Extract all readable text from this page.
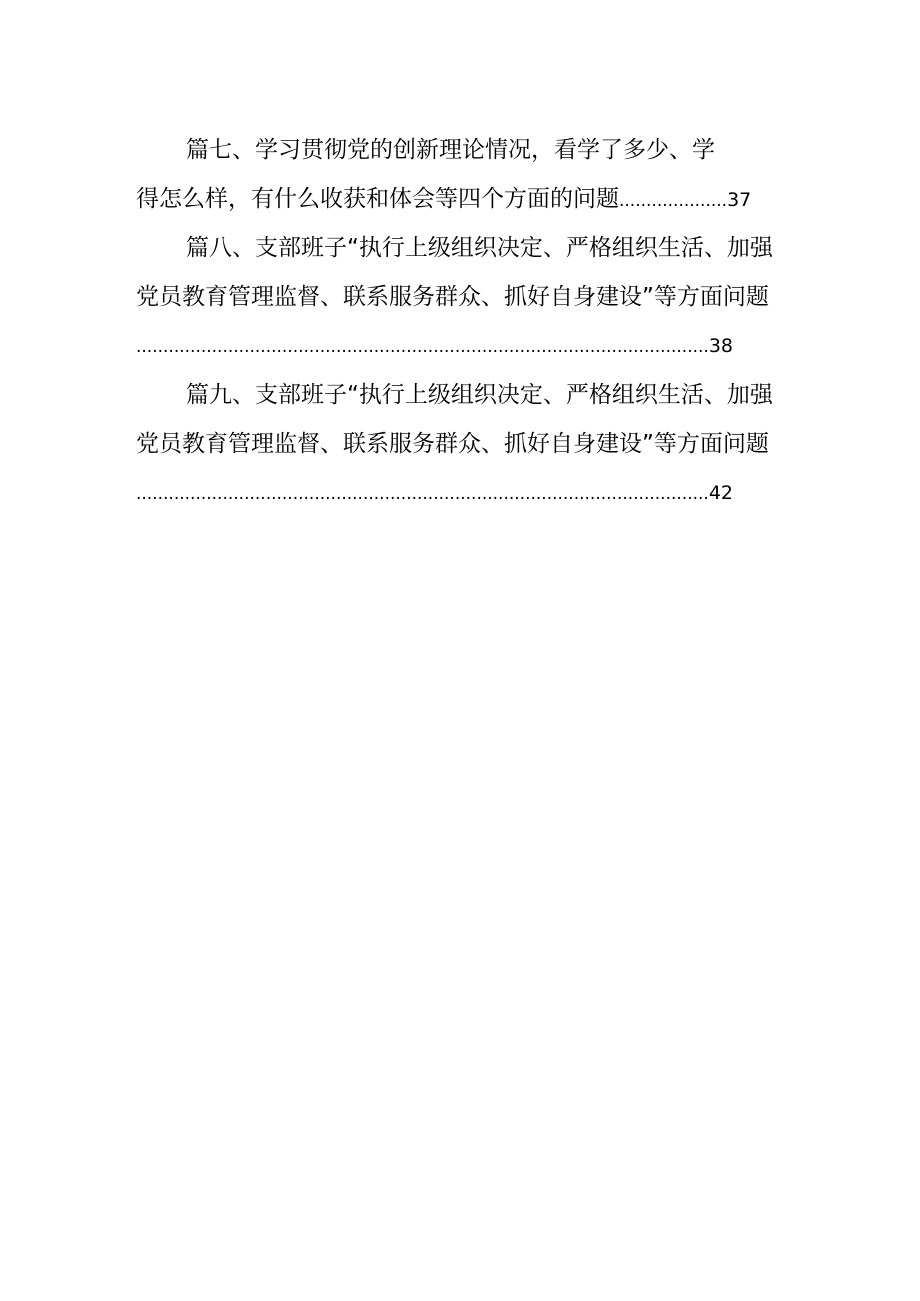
篇七、学习贯彻党的创新理论情况，看学了多少、学
得怎么样，有什么收获和体会等四个方面的问题 .................... 37
篇八、支部班子“执行上级组织决定、严格组织生活、加强
党员教育管理监督、联系服务群众、抓好自身建设”等方面问题
.......................................................................................................... 38
篇九、支部班子“执行上级组织决定、严格组织生活、加强
党员教育管理监督、联系服务群众、抓好自身建设”等方面问题
.......................................................................................................... 42
